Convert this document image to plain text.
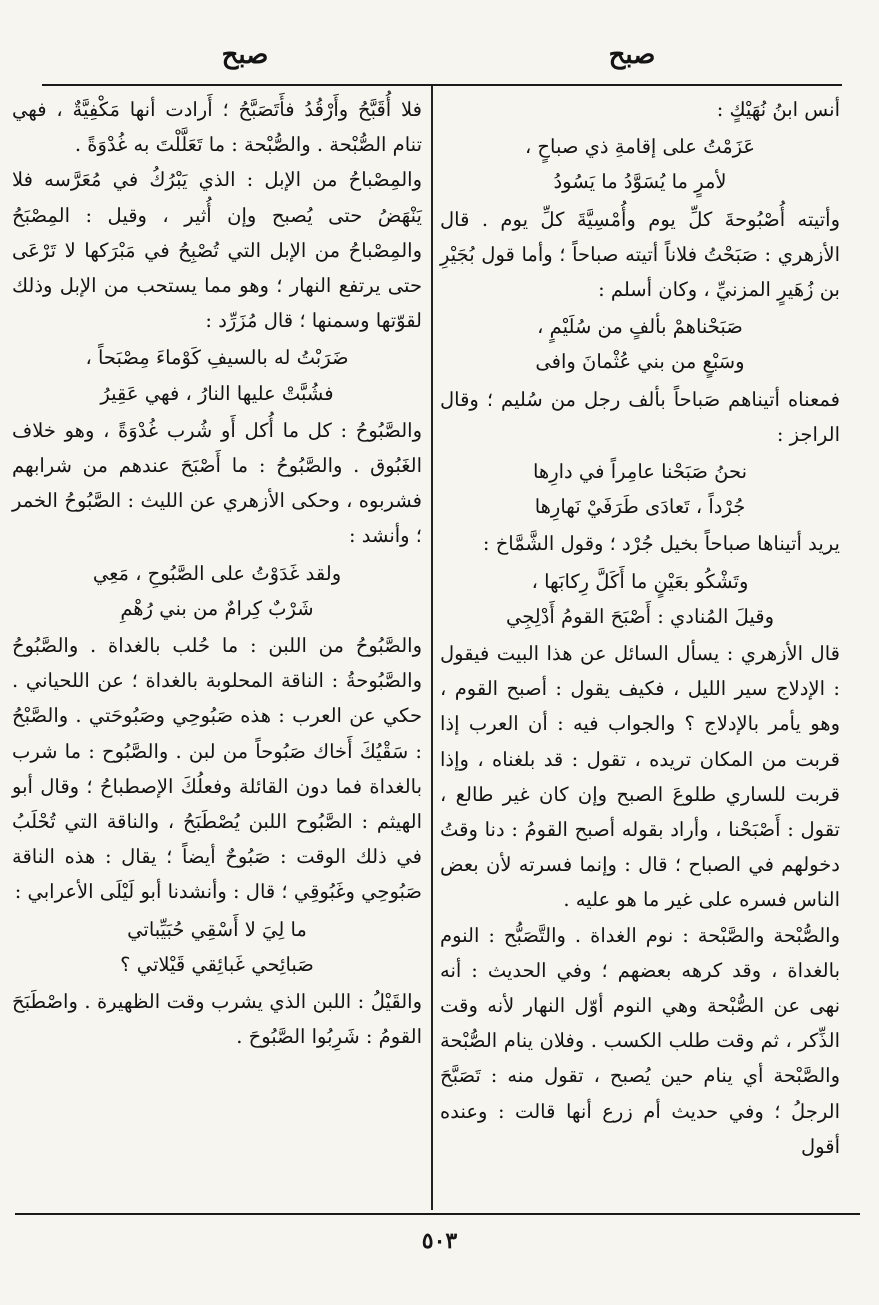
صبح
صبح

أنس ابنُ نُهَيْكٍ :

عَزَمْتُ على إقامةِ ذي صباحٍ ،

لأمرٍ ما يُسَوَّدُ ما يَسُودُ

وأتيته أُصْبُوحةَ كلِّ يوم وأُمْسِيَّةَ كلِّ يوم . قال الأزهري : صَبَحْتُ فلاناً أتيته صباحاً ؛ وأما قول بُجَيْرِ بن زُهَيرٍ المزنيِّ ، وكان أسلم :

صَبَحْناهمْ بألفٍ من سُلَيْمٍ ،

وسَبْعٍ من بني عُثْمانَ وافى

فمعناه أتيناهم صَباحاً بألف رجل من سُليم ؛ وقال الراجز :

نحنُ صَبَحْنا عامِراً في دارِها

جُرْداً ، تَعادَى طَرَفَيْ نَهارِها

يريد أتيناها صباحاً بخيل جُرْد ؛ وقول الشَّمَّاخ :

وتَشْكُو بعَيْنٍ ما أَكَلَّ رِكابَها ،

وقيلَ المُنادي : أَصْبَحَ القومُ أَدْلِجِي

قال الأزهري : يسأل السائل عن هذا البيت فيقول : الإدلاج سير الليل ، فكيف يقول : أصبح القوم ، وهو يأمر بالإدلاج ؟ والجواب فيه : أن العرب إذا قربت من المكان تريده ، تقول : قد بلغناه ، وإذا قربت للساري طلوعَ الصبح وإن كان غير طالع ، تقول : أَصْبَحْنا ، وأراد بقوله أصبح القومُ : دنا وقتُ دخولهم في الصباح ؛ قال : وإنما فسرته لأن بعض الناس فسره على غير ما هو عليه .

والصُّبْحة والصَّبْحة : نوم الغداة . والتَّصَبُّح : النوم بالغداة ، وقد كرهه بعضهم ؛ وفي الحديث : أنه نهى عن الصُّبْحة وهي النوم أوّل النهار لأنه وقت الذِّكر ، ثم وقت طلب الكسب . وفلان ينام الصُّبْحة والصَّبْحة أي ينام حين يُصبح ، تقول منه : تَصَبَّحَ الرجلُ ؛ وفي حديث أم زرع أنها قالت : وعنده أقول

فلا أُقَبَّحُ وأَرْقُدُ فأَتَصَبَّحُ ؛ أَرادت أنها مَكْفِيَّةٌ ، فهي تنام الصُّبْحة . والصُّبْحة : ما تَعَلَّلْتَ به غُدْوَةً .

والمِصْباحُ من الإبل : الذي يَبْرُكُ في مُعَرَّسه فلا يَنْهَضُ حتى يُصبح وإن أُثير ، وقيل : المِصْبَحُ والمِصْباحُ من الإبل التي تُصْبِحُ في مَبْرَكها لا تَرْعَى حتى يرتفع النهار ؛ وهو مما يستحب من الإبل وذلك لقوّتها وسمنها ؛ قال مُزَرِّد :

ضَرَبْتُ له بالسيفِ كَوْماءَ مِصْبَحاً ،

فشُبَّتْ عليها النارُ ، فهي عَقِيرُ

والصَّبُوحُ : كل ما أُكل أَو شُرب غُدْوَةً ، وهو خلاف الغَبُوق . والصَّبُوحُ : ما أَصْبَحَ عندهم من شرابهم فشربوه ، وحكى الأزهري عن الليث : الصَّبُوحُ الخمر ؛ وأنشد :

ولقد غَدَوْتُ على الصَّبُوحِ ، مَعِي

شَرْبٌ كِرامٌ من بني رُهْمِ

والصَّبُوحُ من اللبن : ما حُلب بالغداة . والصَّبُوحُ والصَّبُوحةُ : الناقة المحلوبة بالغداة ؛ عن اللحياني . حكي عن العرب : هذه صَبُوحِي وصَبُوحَتي . والصَّبْحُ : سَقْيُكَ أَخاك صَبُوحاً من لبن . والصَّبُوح : ما شرب بالغداة فما دون القائلة وفعلُكَ الإصطباحُ ؛ وقال أبو الهيثم : الصَّبُوح اللبن يُصْطَبَحُ ، والناقة التي تُحْلَبُ في ذلك الوقت : صَبُوحٌ أيضاً ؛ يقال : هذه الناقة صَبُوحِي وغَبُوقِي ؛ قال : وأنشدنا أبو لَيْلَى الأعرابي :

ما لِيَ لا أَسْقِي حُبَيِّباتي

صَبائِحي غَبائِقي قَيْلاتي ؟

والقَيْلُ : اللبن الذي يشرب وقت الظهيرة . واصْطَبَحَ القومُ : شَرِبُوا الصَّبُوحَ .

٥٠٣
